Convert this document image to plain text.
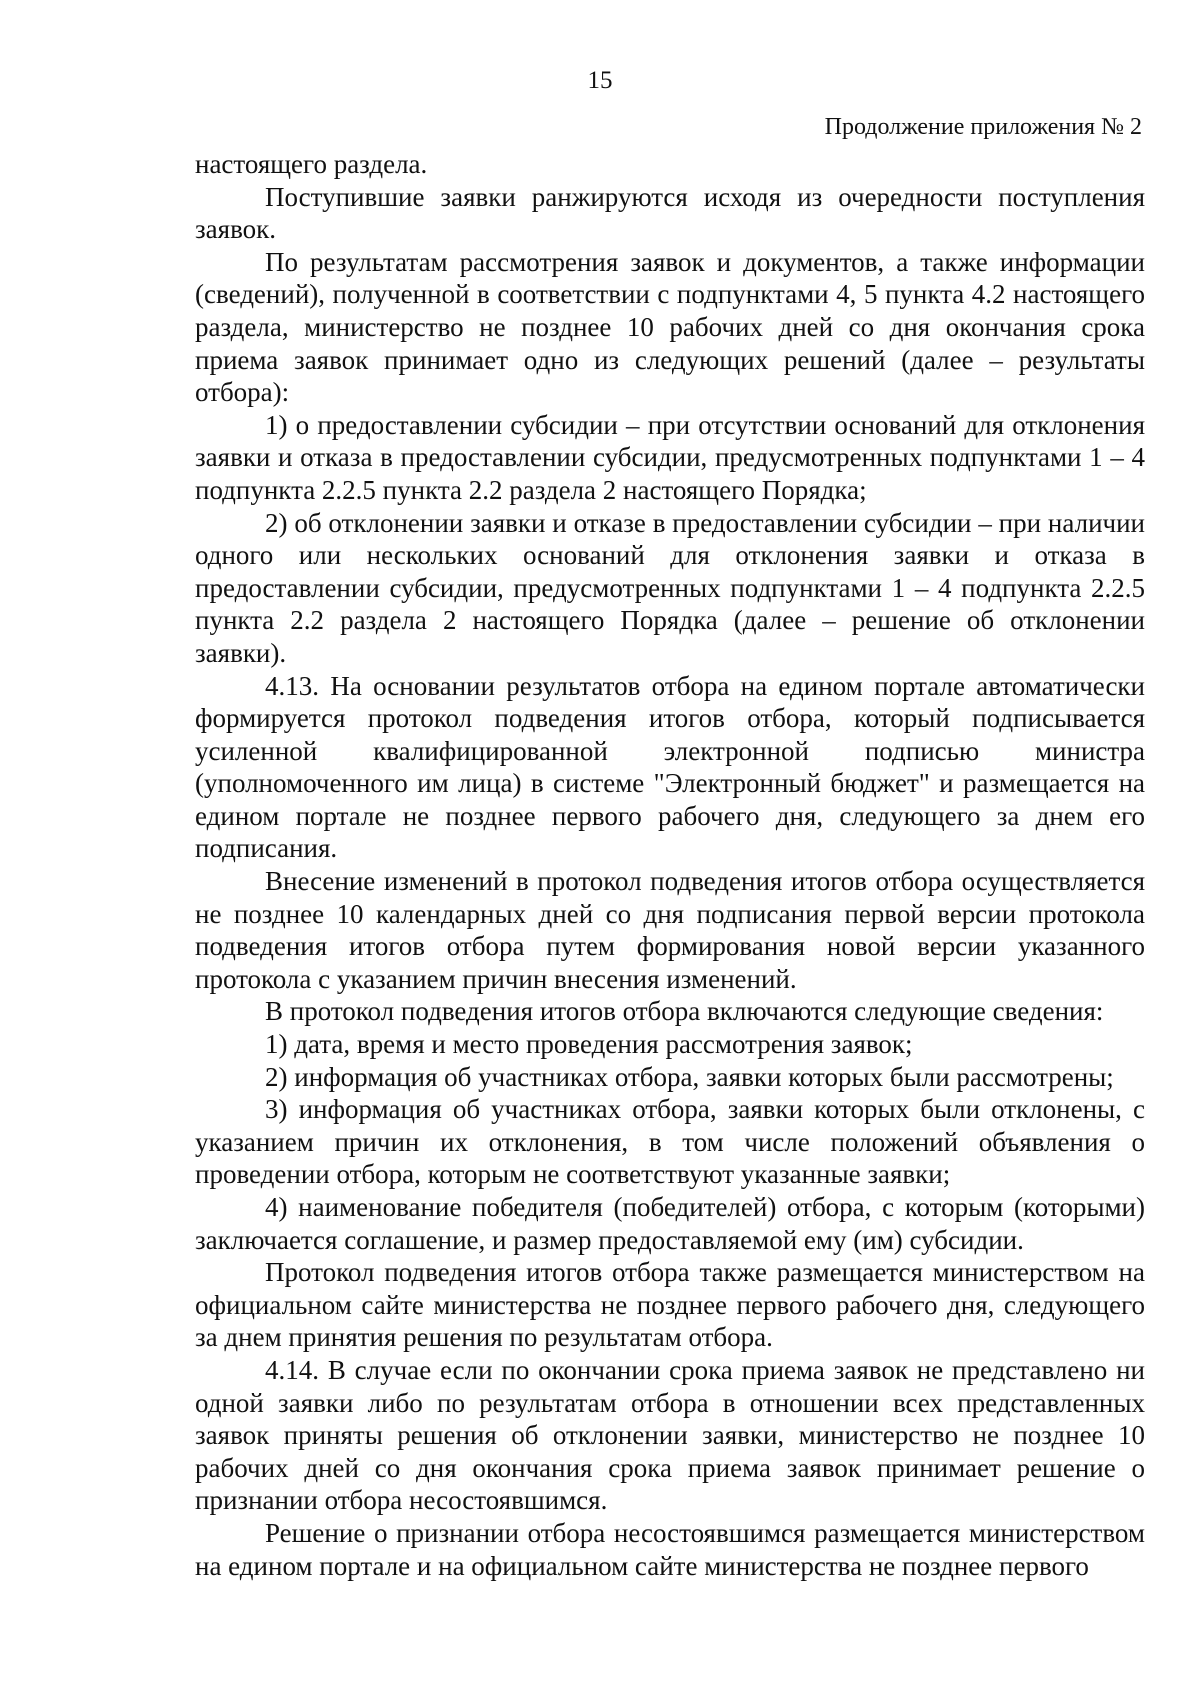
15
Продолжение приложения № 2

настоящего раздела.

Поступившие заявки ранжируются исходя из очередности поступления заявок.

По результатам рассмотрения заявок и документов, а также информации (сведений), полученной в соответствии с подпунктами 4, 5 пункта 4.2 настоящего раздела, министерство не позднее 10 рабочих дней со дня окончания срока приема заявок принимает одно из следующих решений (далее – результаты отбора):

1) о предоставлении субсидии – при отсутствии оснований для отклонения заявки и отказа в предоставлении субсидии, предусмотренных подпунктами 1 – 4 подпункта 2.2.5 пункта 2.2 раздела 2 настоящего Порядка;

2) об отклонении заявки и отказе в предоставлении субсидии – при наличии одного или нескольких оснований для отклонения заявки и отказа в предоставлении субсидии, предусмотренных подпунктами 1 – 4 подпункта 2.2.5 пункта 2.2 раздела 2 настоящего Порядка (далее – решение об отклонении заявки).

4.13. На основании результатов отбора на едином портале автоматически формируется протокол подведения итогов отбора, который подписывается усиленной квалифицированной электронной подписью министра (уполномоченного им лица) в системе "Электронный бюджет" и размещается на едином портале не позднее первого рабочего дня, следующего за днем его подписания.

Внесение изменений в протокол подведения итогов отбора осуществляется не позднее 10 календарных дней со дня подписания первой версии протокола подведения итогов отбора путем формирования новой версии указанного протокола с указанием причин внесения изменений.

В протокол подведения итогов отбора включаются следующие сведения:

1) дата, время и место проведения рассмотрения заявок;

2) информация об участниках отбора, заявки которых были рассмотрены;

3) информация об участниках отбора, заявки которых были отклонены, с указанием причин их отклонения, в том числе положений объявления о проведении отбора, которым не соответствуют указанные заявки;

4) наименование победителя (победителей) отбора, с которым (которыми) заключается соглашение, и размер предоставляемой ему (им) субсидии.

Протокол подведения итогов отбора также размещается министерством на официальном сайте министерства не позднее первого рабочего дня, следующего за днем принятия решения по результатам отбора.

4.14. В случае если по окончании срока приема заявок не представлено ни одной заявки либо по результатам отбора в отношении всех представленных заявок приняты решения об отклонении заявки, министерство не позднее 10 рабочих дней со дня окончания срока приема заявок принимает решение о признании отбора несостоявшимся.

Решение о признании отбора несостоявшимся размещается министерством на едином портале и на официальном сайте министерства не позднее первого
